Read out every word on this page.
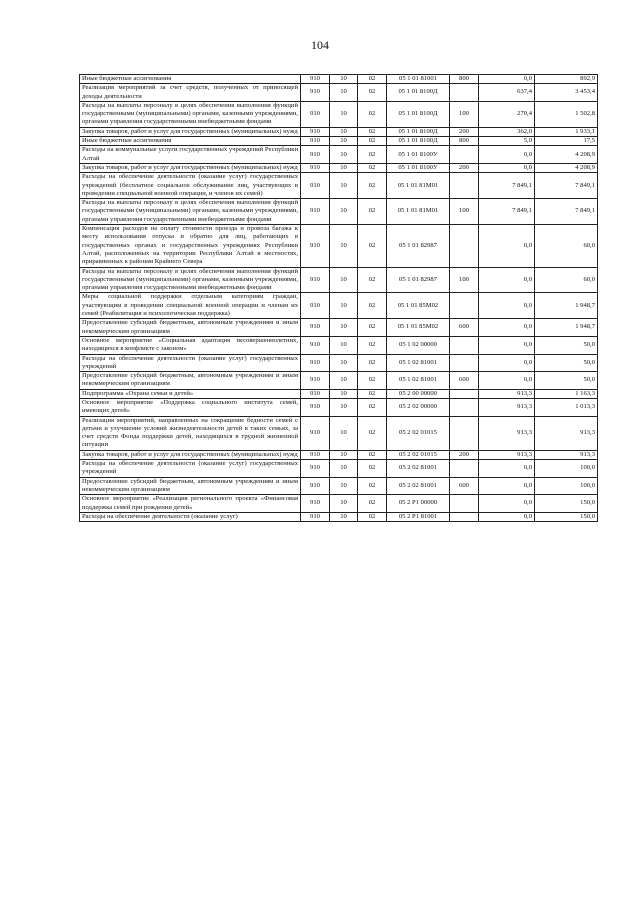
104
Иные бюджетные ассигнования	910	10	02	05 1 01 81001	800	0,0	892,9
Реализация мероприятий за счет средств, полученных от приносящей доходы деятельности	910	10	02	05 1 01 8100Д		637,4	3 453,4
Расходы на выплаты персоналу в целях обеспечения выполнения функций государственными (муниципальными) органами, казенными учреждениями, органами управления государственными внебюджетными фондами	910	10	02	05 1 01 8100Д	100	270,4	1 502,8
Закупка товаров, работ и услуг для государственных (муниципальных) нужд	910	10	02	05 1 01 8100Д	200	362,0	1 933,1
Иные бюджетные ассигнования	910	10	02	05 1 01 8100Д	800	5,0	17,5
Расходы на коммунальные услуги государственных учреждений Республики Алтай	910	10	02	05 1 01 8100У		0,0	4 208,9
Закупка товаров, работ и услуг для государственных (муниципальных) нужд	910	10	02	05 1 01 8100У	200	0,0	4 208,9
Расходы на обеспечение деятельности (оказание услуг) государственных учреждений (бесплатное социальное обслуживание лиц, участвующих в проведении специальной военной операции, и членов их семей)	910	10	02	05 1 01 81М01		7 849,1	7 849,1
Расходы на выплаты персоналу в целях обеспечения выполнения функций государственными (муниципальными) органами, казенными учреждениями, органами управления государственными внебюджетными фондами	910	10	02	05 1 01 81М01	100	7 849,1	7 849,1
Компенсация расходов на оплату стоимости проезда и провоза багажа к месту использования отпуска и обратно для лиц, работающих в государственных органах и государственных учреждениях Республики Алтай, расположенных на территории Республики Алтай в местностях, приравненных к районам Крайнего Севера	910	10	02	05 1 01 82987		0,0	60,0
Расходы на выплаты персоналу в целях обеспечения выполнения функций государственными (муниципальными) органами, казенными учреждениями, органами управления государственными внебюджетными фондами	910	10	02	05 1 01 82987	100	0,0	60,0
Меры социальной поддержки отдельным категориям граждан, участвующим в проведении специальной военной операции и членам их семей (Реабилитация и психологическая поддержка)	910	10	02	05 1 01 85М02		0,0	1 948,7
Предоставление субсидий бюджетным, автономным учреждениям и иным некоммерческим организациям	910	10	02	05 1 01 85М02	600	0,0	1 948,7
Основное мероприятие «Социальная адаптация несовершеннолетних, находящихся в конфликте с законом»	910	10	02	05 1 02 00000		0,0	50,0
Расходы на обеспечение деятельности (оказание услуг) государственных учреждений	910	10	02	05 1 02 81001		0,0	50,0
Предоставление субсидий бюджетным, автономным учреждениям и иным некоммерческим организациям	910	10	02	05 1 02 81001	600	0,0	50,0
Подпрограмма «Охрана семьи и детей»	910	10	02	05 2 00 00000		913,3	1 163,3
Основное мероприятие «Поддержка социального института семей, имеющих детей»	910	10	02	05 2 02 00000		913,3	1 013,3
Реализация мероприятий, направленных на сокращение бедности семей с детьми и улучшение условий жизнедеятельности детей в таких семьях, за счет средств Фонда поддержки детей, находящихся в трудной жизненной ситуации	910	10	02	05 2 02 01015		913,3	913,3
Закупка товаров, работ и услуг для государственных (муниципальных) нужд	910	10	02	05 2 02 01015	200	913,3	913,3
Расходы на обеспечение деятельности (оказание услуг) государственных учреждений	910	10	02	05 2 02 81001		0,0	100,0
Предоставление субсидий бюджетным, автономным учреждениям и иным некоммерческим организациям	910	10	02	05 2 02 81001	600	0,0	100,0
Основное мероприятие «Реализация регионального проекта «Финансовая поддержка семей при рождении детей»	910	10	02	05 2 Р1 00000		0,0	150,0
Расходы на обеспечение деятельности (оказание услуг)	910	10	02	05 2 Р1 81001		0,0	150,0
